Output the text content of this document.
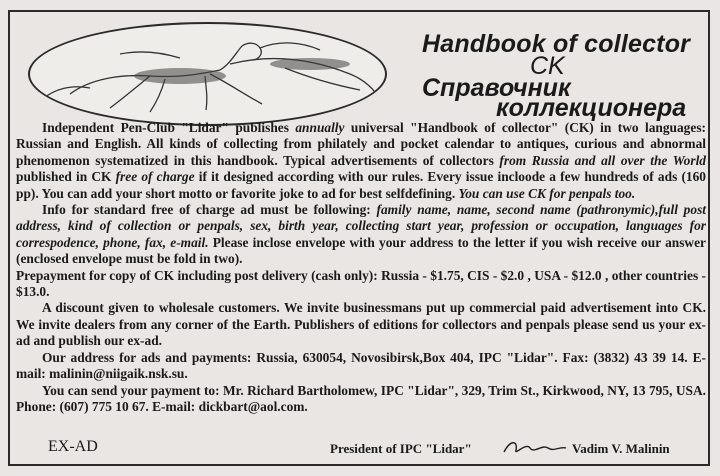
Handbook of collector
CK
Справочник
коллекционера

Independent Pen-Club "Lidar" publishes annually universal "Handbook of collector" (CK) in two languages: Russian and English. All kinds of collecting from philately and pocket calendar to antiques, curious and abnormal phenomenon systematized in this handbook. Typical advertisements of collectors from Russia and all over the World published in CK free of charge if it designed according with our rules. Every issue incloode a few hundreds of ads (160 pp). You can add your short motto or favorite joke to ad for best selfdefining. You can use CK for penpals too.

Info for standard free of charge ad must be following: family name, name, second name (pathronymic),full post address, kind of collection or penpals, sex, birth year, collecting start year, profession or occupation, languages for correspodence, phone, fax, e-mail. Please inclose envelope with your address to the letter if you wish receive our answer (enclosed envelope must be fold in two).

Prepayment for copy of CK including post delivery (cash only): Russia - $1.75, CIS - $2.0 , USA - $12.0 , other countries - $13.0.

A discount given to wholesale customers. We invite businessmans put up commercial paid advertisement into CK. We invite dealers from any corner of the Earth. Publishers of editions for collectors and penpals please send us your ex-ad and publish our ex-ad.

Our address for ads and payments: Russia, 630054, Novosibirsk,Box 404, IPC "Lidar". Fax: (3832) 43 39 14. E-mail: malinin@niigaik.nsk.su.

You can send your payment to: Mr. Richard Bartholomew, IPC "Lidar", 329, Trim St., Kirkwood, NY, 13 795, USA. Phone: (607) 775 10 67. E-mail: dickbart@aol.com.

EX-AD	President of IPC "Lidar"	Vadim V. Malinin
